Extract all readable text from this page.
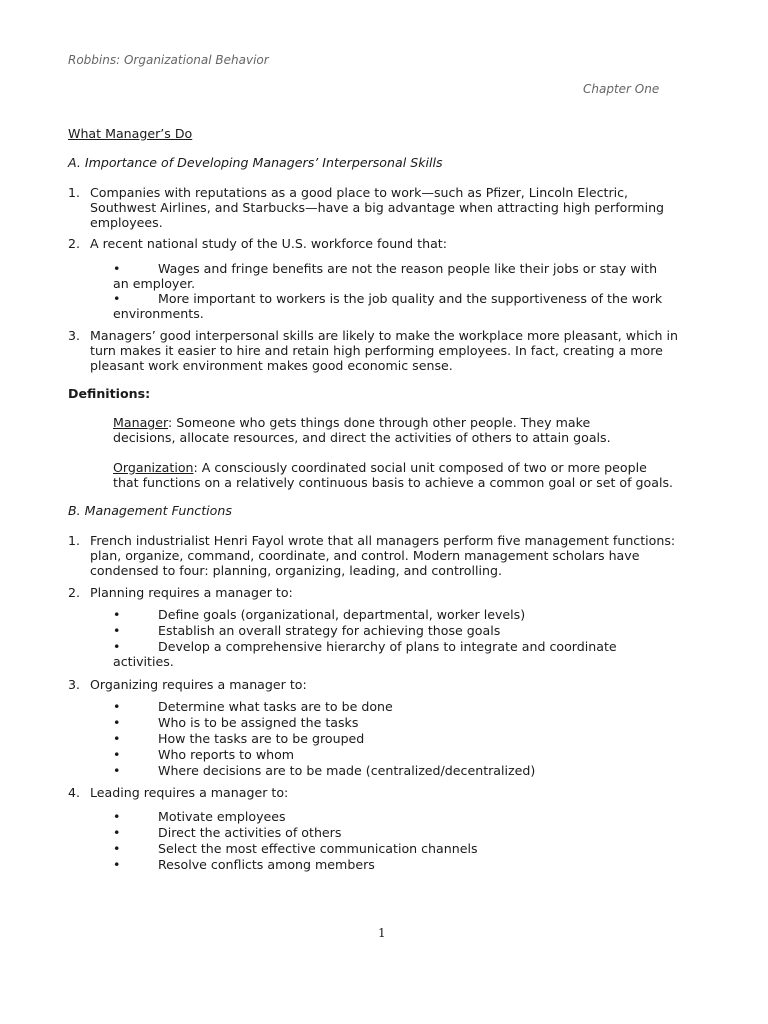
Robbins: Organizational Behavior
Chapter One
What Manager’s Do
A. Importance of Developing Managers’ Interpersonal Skills
1. Companies with reputations as a good place to work—such as Pfizer, Lincoln Electric, Southwest Airlines, and Starbucks—have a big advantage when attracting high performing employees.
2. A recent national study of the U.S. workforce found that:
•	Wages and fringe benefits are not the reason people like their jobs or stay with
an employer.
•	More important to workers is the job quality and the supportiveness of the work
environments.
3. Managers’ good interpersonal skills are likely to make the workplace more pleasant, which in turn makes it easier to hire and retain high performing employees. In fact, creating a more pleasant work environment makes good economic sense.
Definitions:
Manager: Someone who gets things done through other people. They make
decisions, allocate resources, and direct the activities of others to attain goals.
Organization: A consciously coordinated social unit composed of two or more people
that functions on a relatively continuous basis to achieve a common goal or set of goals.
B. Management Functions
1. French industrialist Henri Fayol wrote that all managers perform five management functions: plan, organize, command, coordinate, and control. Modern management scholars have condensed to four: planning, organizing, leading, and controlling.
2. Planning requires a manager to:
•	Define goals (organizational, departmental, worker levels)
•	Establish an overall strategy for achieving those goals
•	Develop a comprehensive hierarchy of plans to integrate and coordinate
activities.
3. Organizing requires a manager to:
•	Determine what tasks are to be done
•	Who is to be assigned the tasks
•	How the tasks are to be grouped
•	Who reports to whom
•	Where decisions are to be made (centralized/decentralized)
4. Leading requires a manager to:
•	Motivate employees
•	Direct the activities of others
•	Select the most effective communication channels
•	Resolve conflicts among members
1
